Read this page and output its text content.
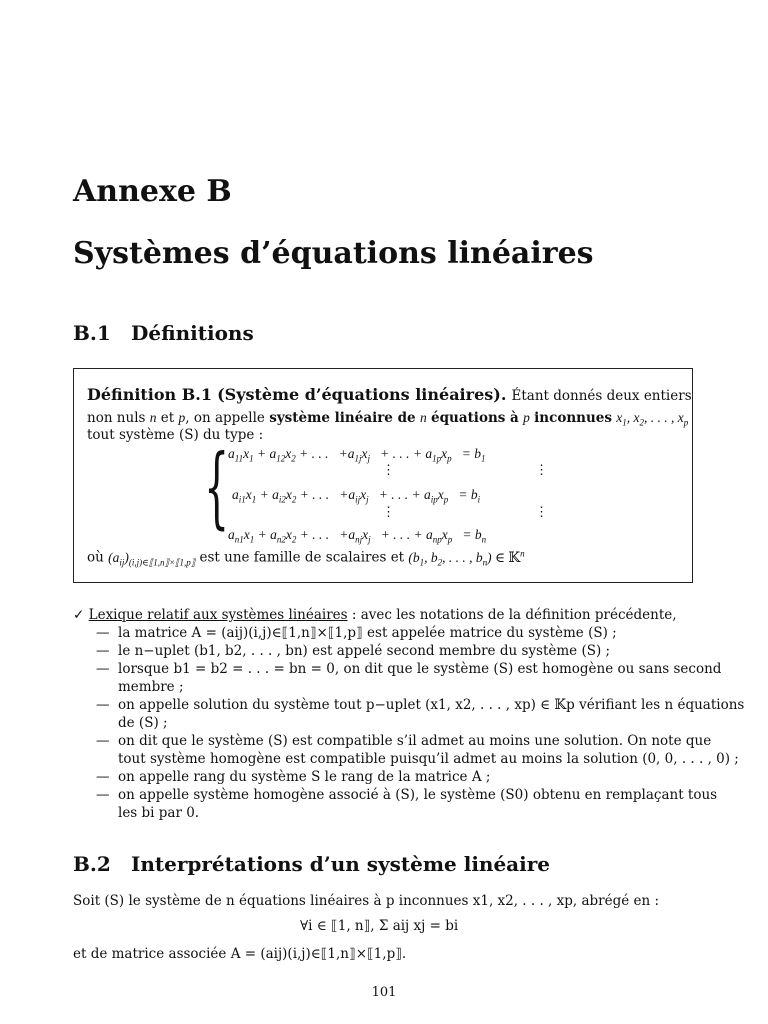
Annexe B
Systèmes d’équations linéaires
B.1 Définitions
Définition B.1 (Système d’équations linéaires). Étant donnés deux entiers
non nuls n et p, on appelle système linéaire de n équations à p inconnues $x_1$, $x_2$, . . . , $x_p$
tout système (S) du type :
{
$a_{11}x_1 + a_{12}x_2$ + . . .   $+a_{1j}x_j$   + . . . + $a_{1p}x_p = b_1$
⋮	⋮
$a_{i1}x_1 + a_{i2}x_2$ + . . .   $+a_{ij}x_j$   + . . . + $a_{ip}x_p = b_i$
⋮	⋮
$a_{n1}x_1 + a_{n2}x_2$ + . . .   $+a_{nj}x_j$   + . . . + $a_{np}x_p = b_n$
où $(a_{ij})_{(i,j)\in⟦1,n⟧\times⟦1,p⟧}$ est une famille de scalaires et ($b_1$, $b_2$, . . . , $b_n$) ∈ 𝕂$^n$
✓ Lexique relatif aux systèmes linéaires : avec les notations de la définition précédente,
— la matrice A = (aij)(i,j)∈⟦1,n⟧×⟦1,p⟧ est appelée matrice du système (S) ;
— le n−uplet (b1, b2, . . . , bn) est appelé second membre du système (S) ;
— lorsque b1 = b2 = . . . = bn = 0, on dit que le système (S) est homogène ou sans second
membre ;
— on appelle solution du système tout p−uplet (x1, x2, . . . , xp) ∈ 𝕂p vérifiant les n équations
de (S) ;
— on dit que le système (S) est compatible s’il admet au moins une solution. On note que
tout système homogène est compatible puisqu’il admet au moins la solution (0, 0, . . . , 0) ;
— on appelle rang du système S le rang de la matrice A ;
— on appelle système homogène associé à (S), le système (S0) obtenu en remplaçant tous
les bi par 0.
B.2 Interprétations d’un système linéaire
Soit (S) le système de n équations linéaires à p inconnues x1, x2, . . . , xp, abrégé en :
∀i ∈ ⟦1, n⟧, Σ aij xj = bi
et de matrice associée A = (aij)(i,j)∈⟦1,n⟧×⟦1,p⟧.
101
